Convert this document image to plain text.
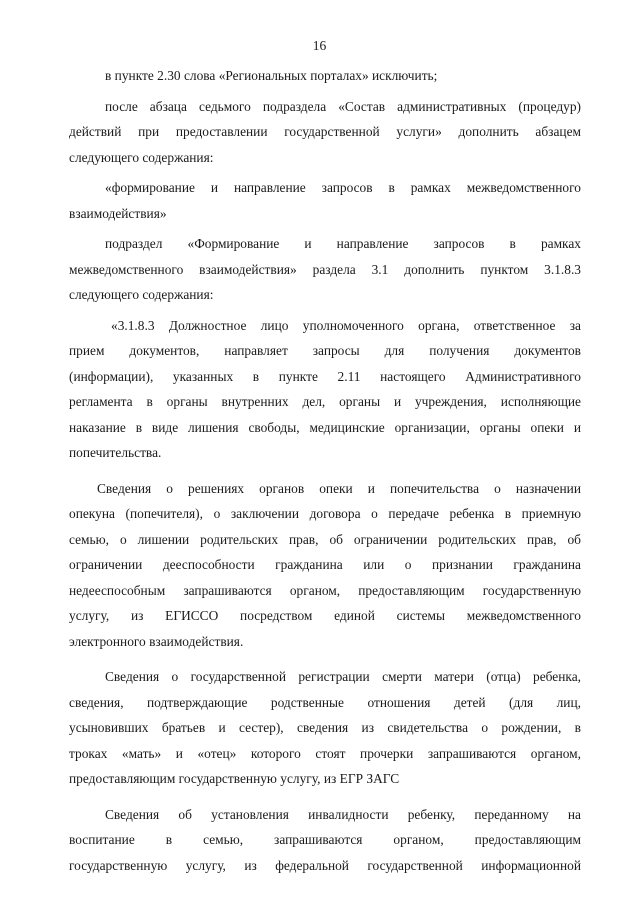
16
в пункте 2.30 слова «Региональных порталах» исключить;
после абзаца седьмого подраздела «Состав административных (процедур)
действий при предоставлении государственной услуги» дополнить абзацем
следующего содержания:
«формирование и направление запросов в рамках межведомственного
взаимодействия»
подраздел «Формирование и направление запросов в рамках
межведомственного взаимодействия» раздела 3.1 дополнить пунктом 3.1.8.3
следующего содержания:
«3.1.8.3 Должностное лицо уполномоченного органа, ответственное за
прием документов, направляет запросы для получения документов
(информации), указанных в пункте 2.11 настоящего Административного
регламента в органы внутренних дел, органы и учреждения, исполняющие
наказание в виде лишения свободы, медицинские организации, органы опеки и
попечительства.
Сведения о решениях органов опеки и попечительства о назначении
опекуна (попечителя), о заключении договора о передаче ребенка в приемную
семью, о лишении родительских прав, об ограничении родительских прав, об
ограничении дееспособности гражданина или о признании гражданина
недееспособным запрашиваются органом, предоставляющим государственную
услугу, из ЕГИССО посредством единой системы межведомственного
электронного взаимодействия.
Сведения о государственной регистрации смерти матери (отца) ребенка,
сведения, подтверждающие родственные отношения детей (для лиц,
усыновивших братьев и сестер), сведения из свидетельства о рождении, в
троках «мать» и «отец» которого стоят прочерки запрашиваются органом,
предоставляющим государственную услугу, из ЕГР ЗАГС
Сведения об установления инвалидности ребенку, переданному на
воспитание в семью, запрашиваются органом, предоставляющим
государственную услугу, из федеральной государственной информационной
